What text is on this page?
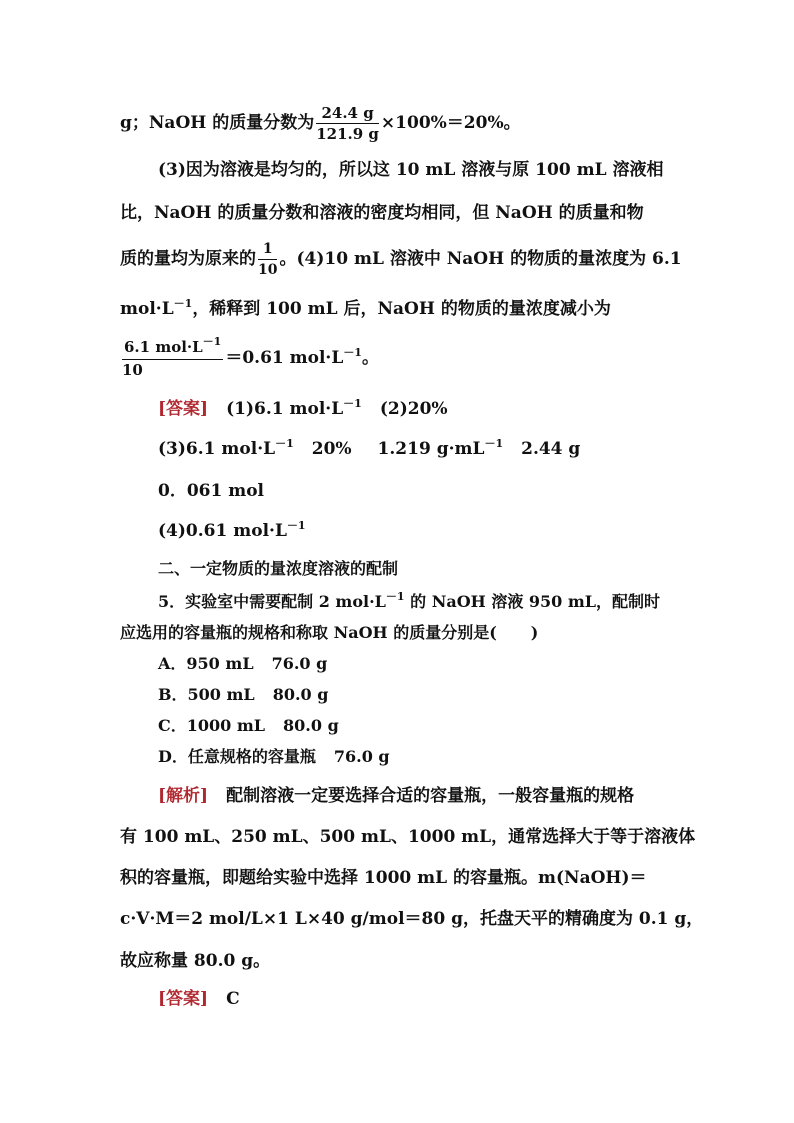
g；NaOH 的质量分数为 $\frac{24.4 g}{121.9 g} \times 100\%=20\%$。
(3)因为溶液是均匀的，所以这 10 mL 溶液与原 100 mL 溶液相
比，NaOH 的质量分数和溶液的密度均相同，但 NaOH 的质量和物
质的量均为原来的 $\frac{1}{10}$ 。(4)10 mL 溶液中 NaOH 的物质的量浓度为 6.1
$mol\cdot L^{-1}$，稀释到 100 mL 后，NaOH 的物质的量浓度减小为
$\frac{6.1 mol\cdot L^{-1}}{10} =0.61$ $mol\cdot L^{-1}$。
[答案] (1)6.1 $mol\cdot L^{-1}$ (2)20%
(3)6.1 $mol\cdot L^{-1}$ 20% 1.219 $g\cdot mL^{-1}$ 2.44 g
0．061 mol
(4)0.61 $mol\cdot L^{-1}$
二、一定物质的量浓度溶液的配制
5．实验室中需要配制 2 $mol\cdot L^{-1}$ 的 NaOH 溶液 950 mL，配制时
应选用的容量瓶的规格和称取 NaOH 的质量分别是( )
A．950 mL 76.0 g
B．500 mL 80.0 g
C．1000 mL 80.0 g
D．任意规格的容量瓶 76.0 g
[解析] 配制溶液一定要选择合适的容量瓶，一般容量瓶的规格
有 100 mL、250 mL、500 mL、1000 mL，通常选择大于等于溶液体
积的容量瓶，即题给实验中选择 1000 mL 的容量瓶。m(NaOH)＝
c·V·M＝2 mol/L×1 L×40 g/mol＝80 g，托盘天平的精确度为 0.1 g，
故应称量 80.0 g。
[答案] C
